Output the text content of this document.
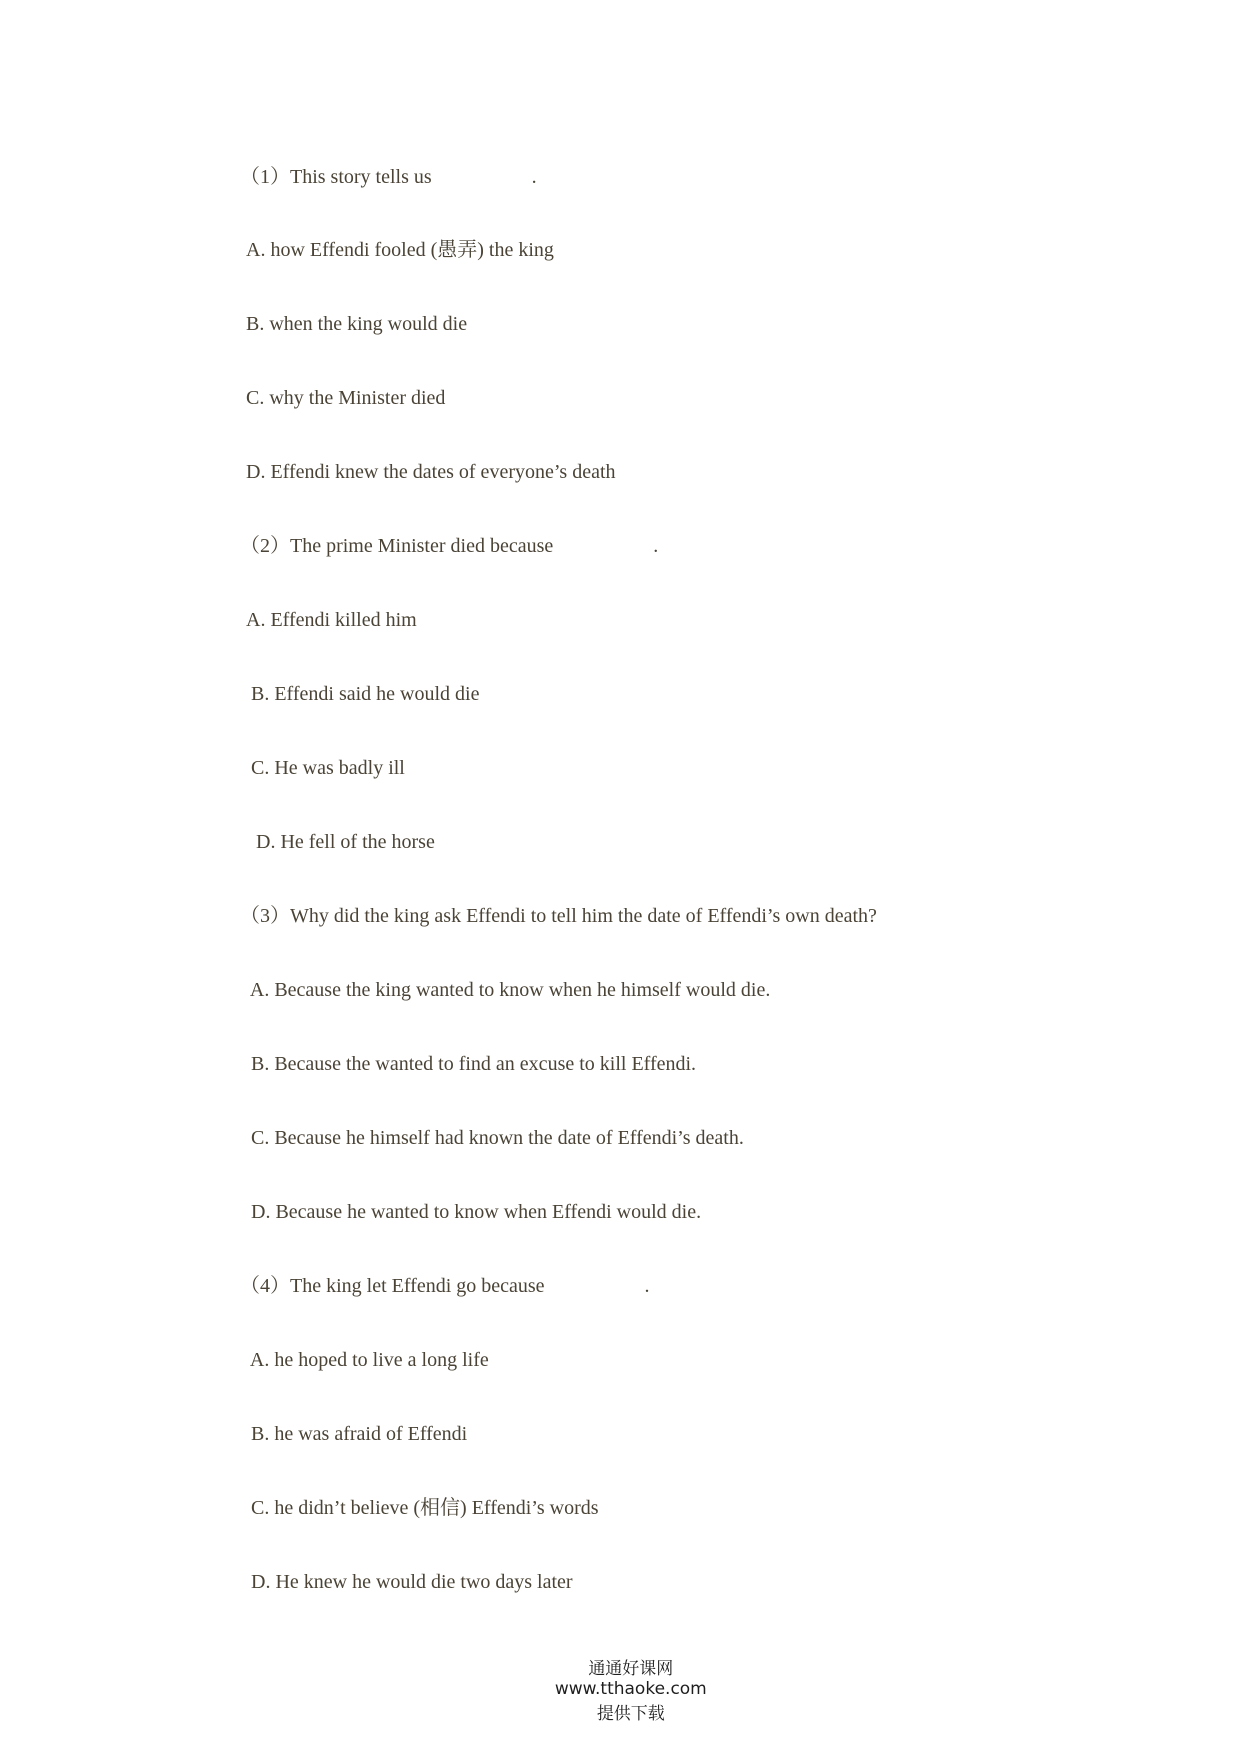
（1）This story tells us                    .
A. how Effendi fooled (愚弄) the king
B. when the king would die
C. why the Minister died
D. Effendi knew the dates of everyone’s death
（2）The prime Minister died because                    .
A. Effendi killed him
B. Effendi said he would die
C. He was badly ill
D. He fell of the horse
（3）Why did the king ask Effendi to tell him the date of Effendi’s own death?
A. Because the king wanted to know when he himself would die.
B. Because the wanted to find an excuse to kill Effendi.
C. Because he himself had known the date of Effendi’s death.
D. Because he wanted to know when Effendi would die.
（4）The king let Effendi go because                    .
A. he hoped to live a long life
B. he was afraid of Effendi
C. he didn’t believe (相信) Effendi’s words
D. He knew he would die two days later

通通好课网
www.tthaoke.com
提供下载
